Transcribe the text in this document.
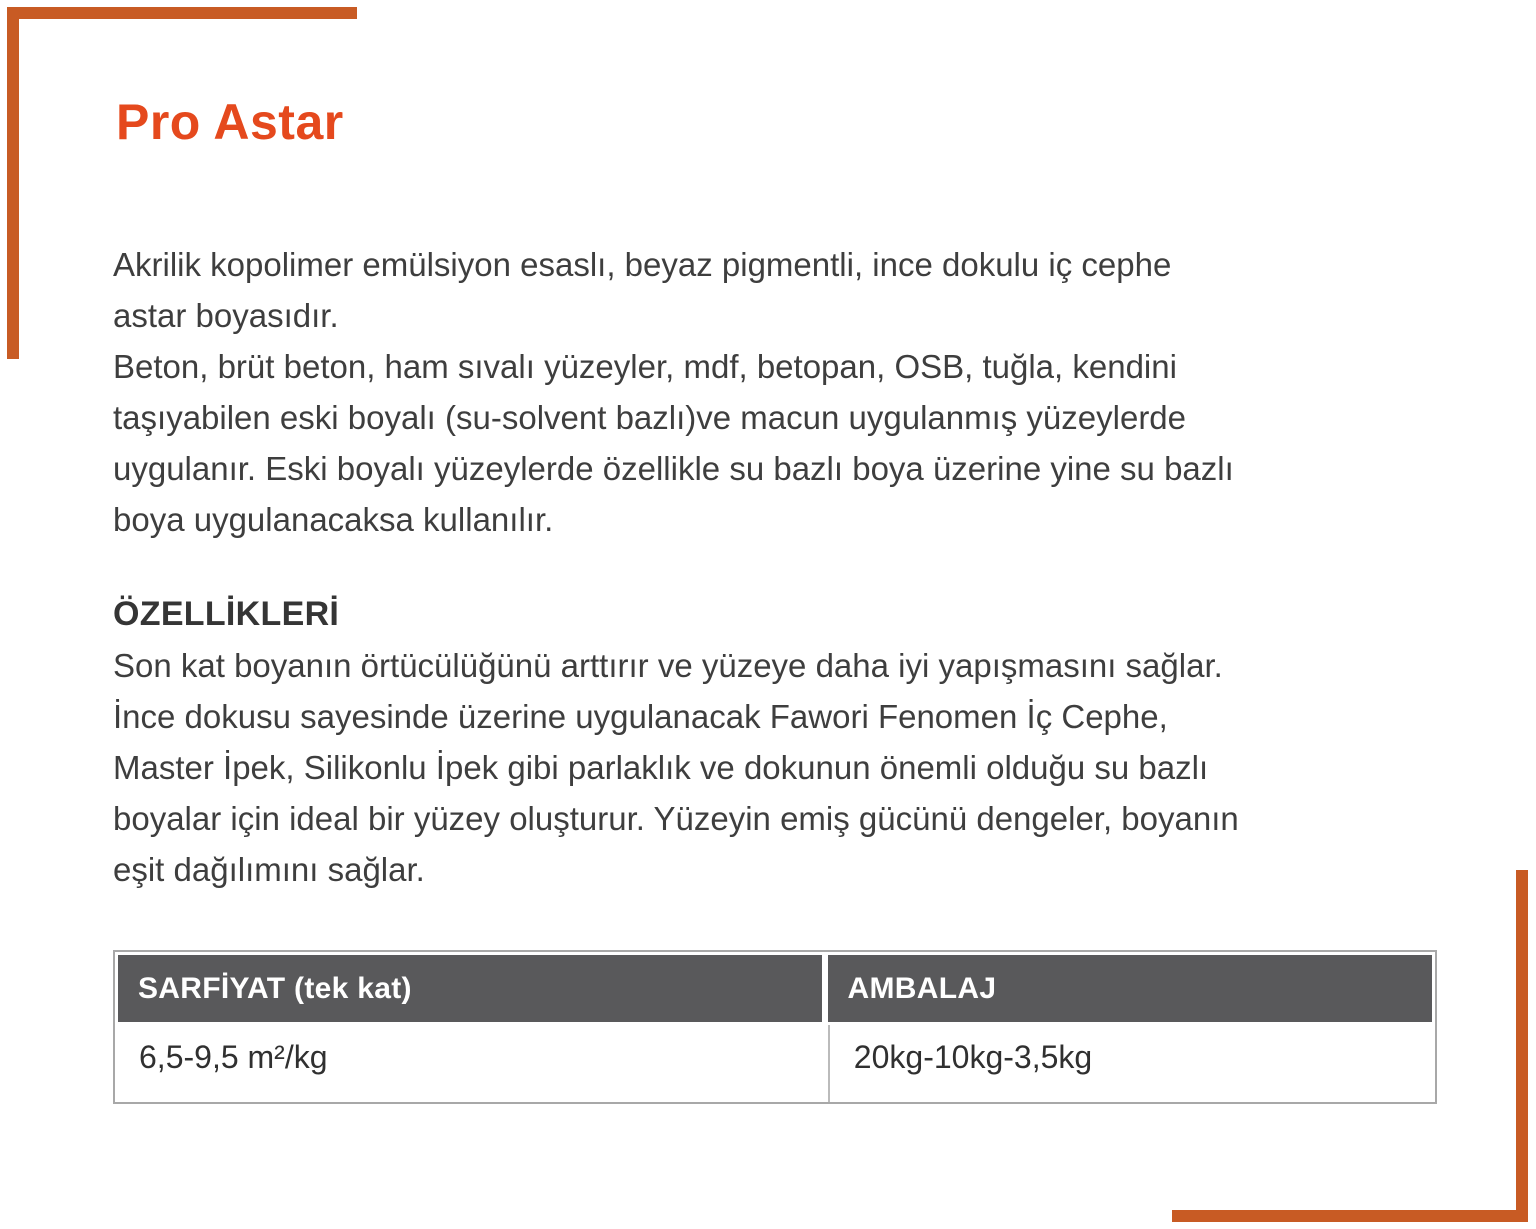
Pro Astar
Akrilik kopolimer emülsiyon esaslı, beyaz pigmentli, ince dokulu iç cephe
astar boyasıdır.
Beton, brüt beton, ham sıvalı yüzeyler, mdf, betopan, OSB, tuğla, kendini
taşıyabilen eski boyalı (su-solvent bazlı)ve macun uygulanmış yüzeylerde
uygulanır. Eski boyalı yüzeylerde özellikle su bazlı boya üzerine yine su bazlı
boya uygulanacaksa kullanılır.
ÖZELLİKLERİ
Son kat boyanın örtücülüğünü arttırır ve yüzeye daha iyi yapışmasını sağlar.
İnce dokusu sayesinde üzerine uygulanacak Fawori Fenomen İç Cephe,
Master İpek, Silikonlu İpek gibi parlaklık ve dokunun önemli olduğu su bazlı
boyalar için ideal bir yüzey oluşturur. Yüzeyin emiş gücünü dengeler, boyanın
eşit dağılımını sağlar.
SARFİYAT (tek kat)	AMBALAJ
6,5-9,5 m²/kg	20kg-10kg-3,5kg
